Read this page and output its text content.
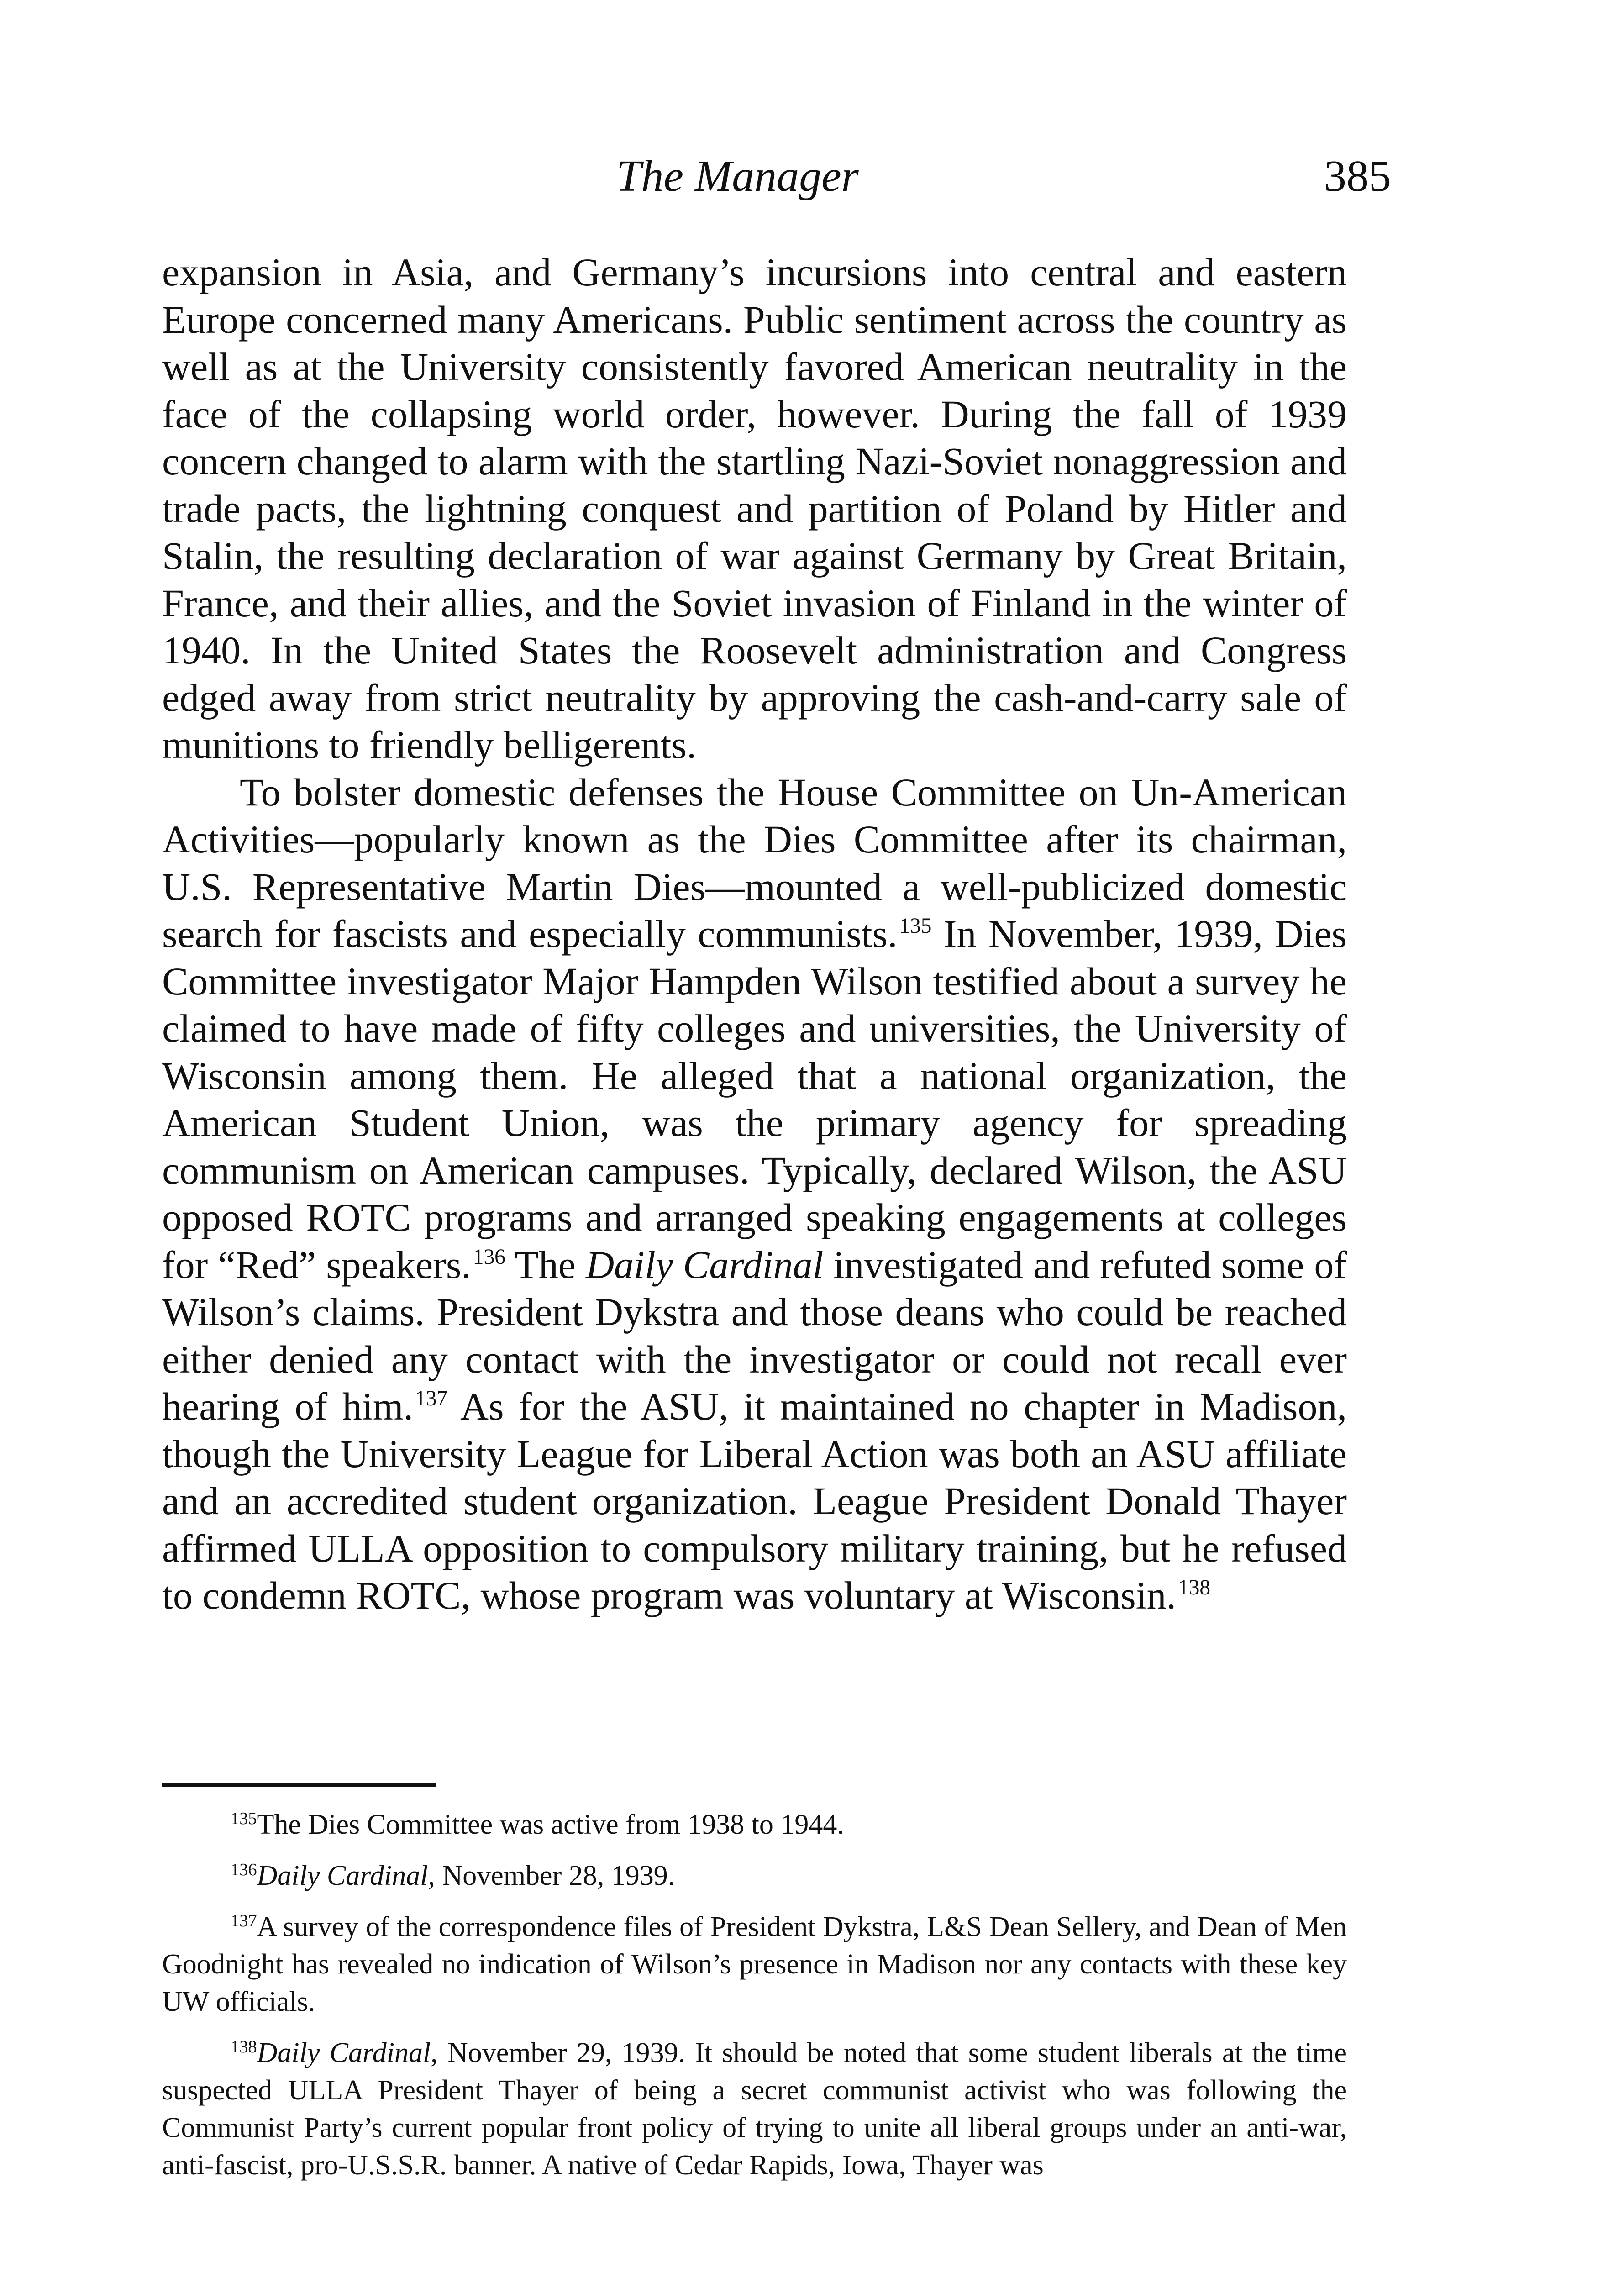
The Manager	385

expansion in Asia, and Germany’s incursions into central and eastern Europe concerned many Americans. Public sentiment across the country as well as at the University consistently favored American neutrality in the face of the collapsing world order, however. During the fall of 1939 concern changed to alarm with the startling Nazi-Soviet nonaggression and trade pacts, the lightning conquest and partition of Poland by Hitler and Stalin, the resulting declaration of war against Germany by Great Britain, France, and their allies, and the Soviet invasion of Finland in the winter of 1940. In the United States the Roosevelt administration and Congress edged away from strict neutrality by approving the cash-and-carry sale of munitions to friendly belligerents.

To bolster domestic defenses the House Committee on Un-American Activities—popularly known as the Dies Committee after its chairman, U.S. Representative Martin Dies—mounted a well-publicized domestic search for fascists and especially communists.$^{135}$ In November, 1939, Dies Committee investigator Major Hampden Wilson testified about a survey he claimed to have made of fifty colleges and universities, the University of Wisconsin among them. He alleged that a national organization, the American Student Union, was the primary agency for spreading communism on American campuses. Typically, declared Wilson, the ASU opposed ROTC programs and arranged speaking engagements at colleges for “Red” speakers.$^{136}$ The Daily Cardinal investigated and refuted some of Wilson’s claims. President Dykstra and those deans who could be reached either denied any contact with the investigator or could not recall ever hearing of him.$^{137}$ As for the ASU, it maintained no chapter in Madison, though the University League for Liberal Action was both an ASU affiliate and an accredited student organization. League President Donald Thayer affirmed ULLA opposition to compulsory military training, but he refused to condemn ROTC, whose program was voluntary at Wisconsin.$^{138}$

$^{135}$The Dies Committee was active from 1938 to 1944.

$^{136}$Daily Cardinal, November 28, 1939.

$^{137}$A survey of the correspondence files of President Dykstra, L&S Dean Sellery, and Dean of Men Goodnight has revealed no indication of Wilson’s presence in Madison nor any contacts with these key UW officials.

$^{138}$Daily Cardinal, November 29, 1939. It should be noted that some student liberals at the time suspected ULLA President Thayer of being a secret communist activist who was following the Communist Party’s current popular front policy of trying to unite all liberal groups under an anti-war, anti-fascist, pro-U.S.S.R. banner. A native of Cedar Rapids, Iowa, Thayer was
